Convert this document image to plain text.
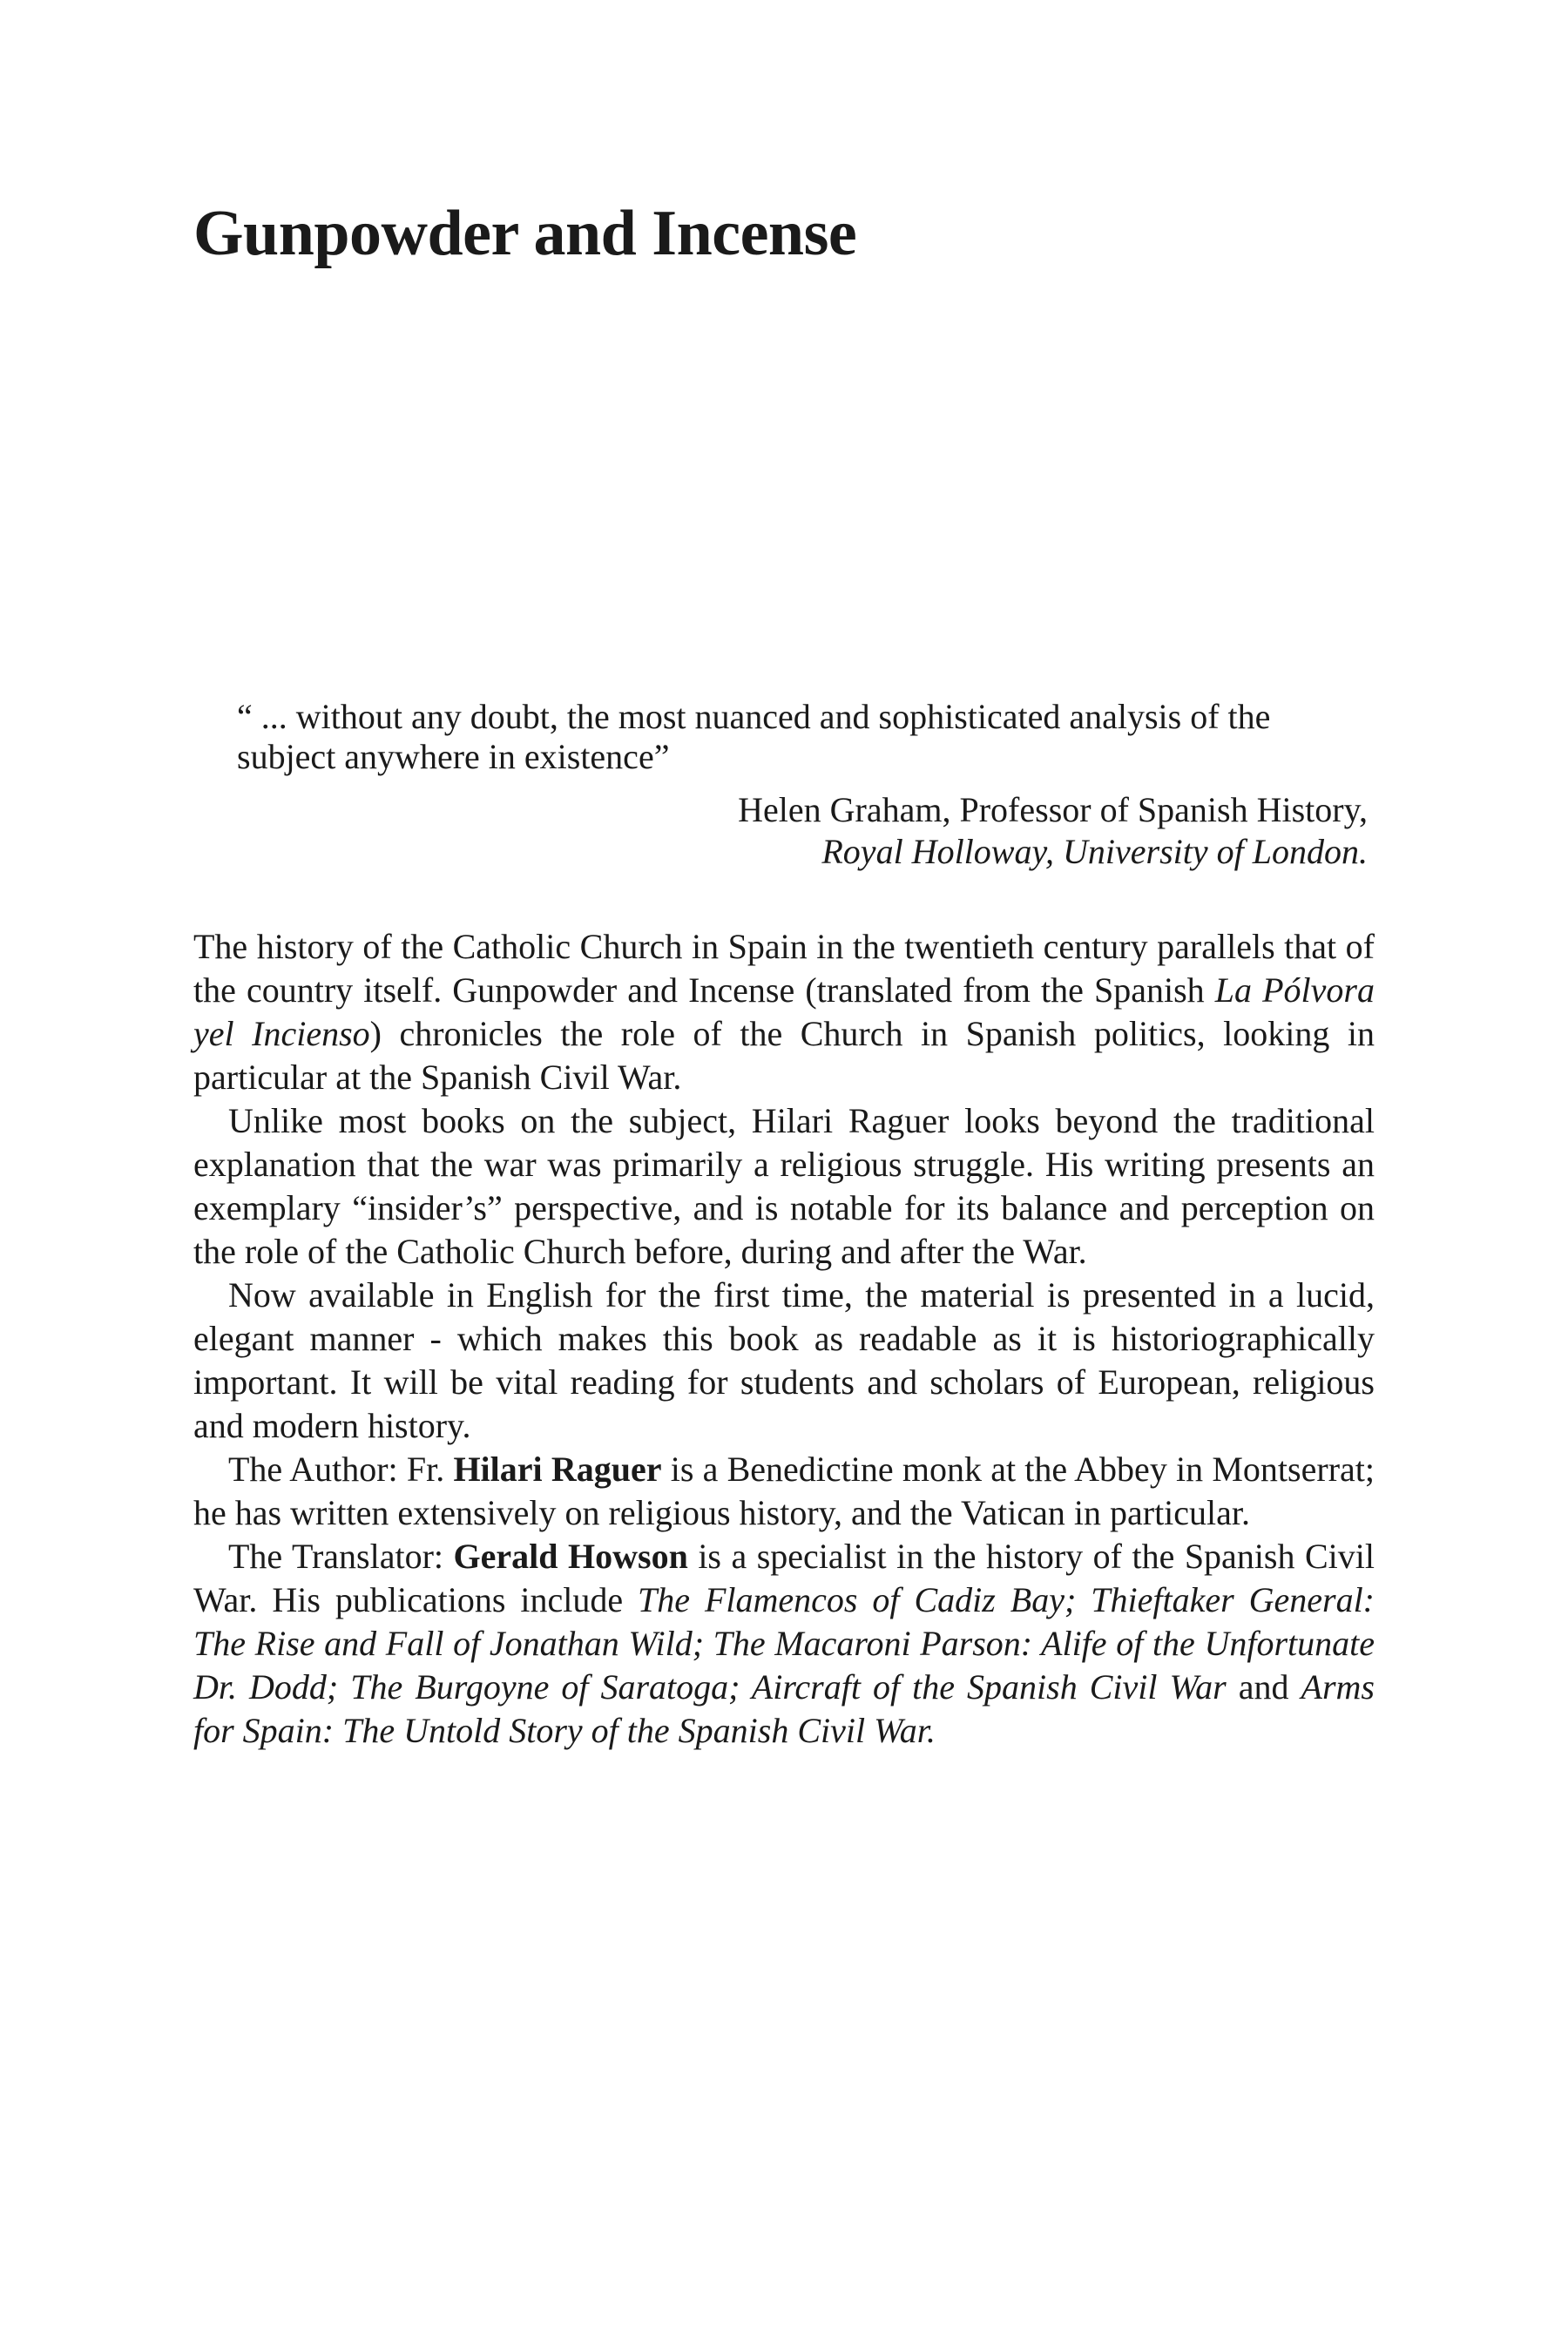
Gunpowder and Incense

“ ... without any doubt, the most nuanced and sophisticated analysis of the subject anywhere in existence”

Helen Graham, Professor of Spanish History,
Royal Holloway, University of London.

The history of the Catholic Church in Spain in the twentieth century parallels that of the country itself. Gunpowder and Incense (translated from the Spanish La Pólvora yel Incienso) chronicles the role of the Church in Spanish politics, looking in particular at the Spanish Civil War.

Unlike most books on the subject, Hilari Raguer looks beyond the traditional explanation that the war was primarily a religious struggle. His writing presents an exemplary “insider’s” perspective, and is notable for its balance and perception on the role of the Catholic Church before, during and after the War.

Now available in English for the first time, the material is presented in a lucid, elegant manner - which makes this book as readable as it is historiographically important. It will be vital reading for students and scholars of European, religious and modern history.

The Author: Fr. Hilari Raguer is a Benedictine monk at the Abbey in Montserrat; he has written extensively on religious history, and the Vatican in particular.

The Translator: Gerald Howson is a specialist in the history of the Spanish Civil War. His publications include The Flamencos of Cadiz Bay; Thieftaker General: The Rise and Fall of Jonathan Wild; The Macaroni Parson: Alife of the Unfortunate Dr. Dodd; The Burgoyne of Saratoga; Aircraft of the Spanish Civil War and Arms for Spain: The Untold Story of the Spanish Civil War.
